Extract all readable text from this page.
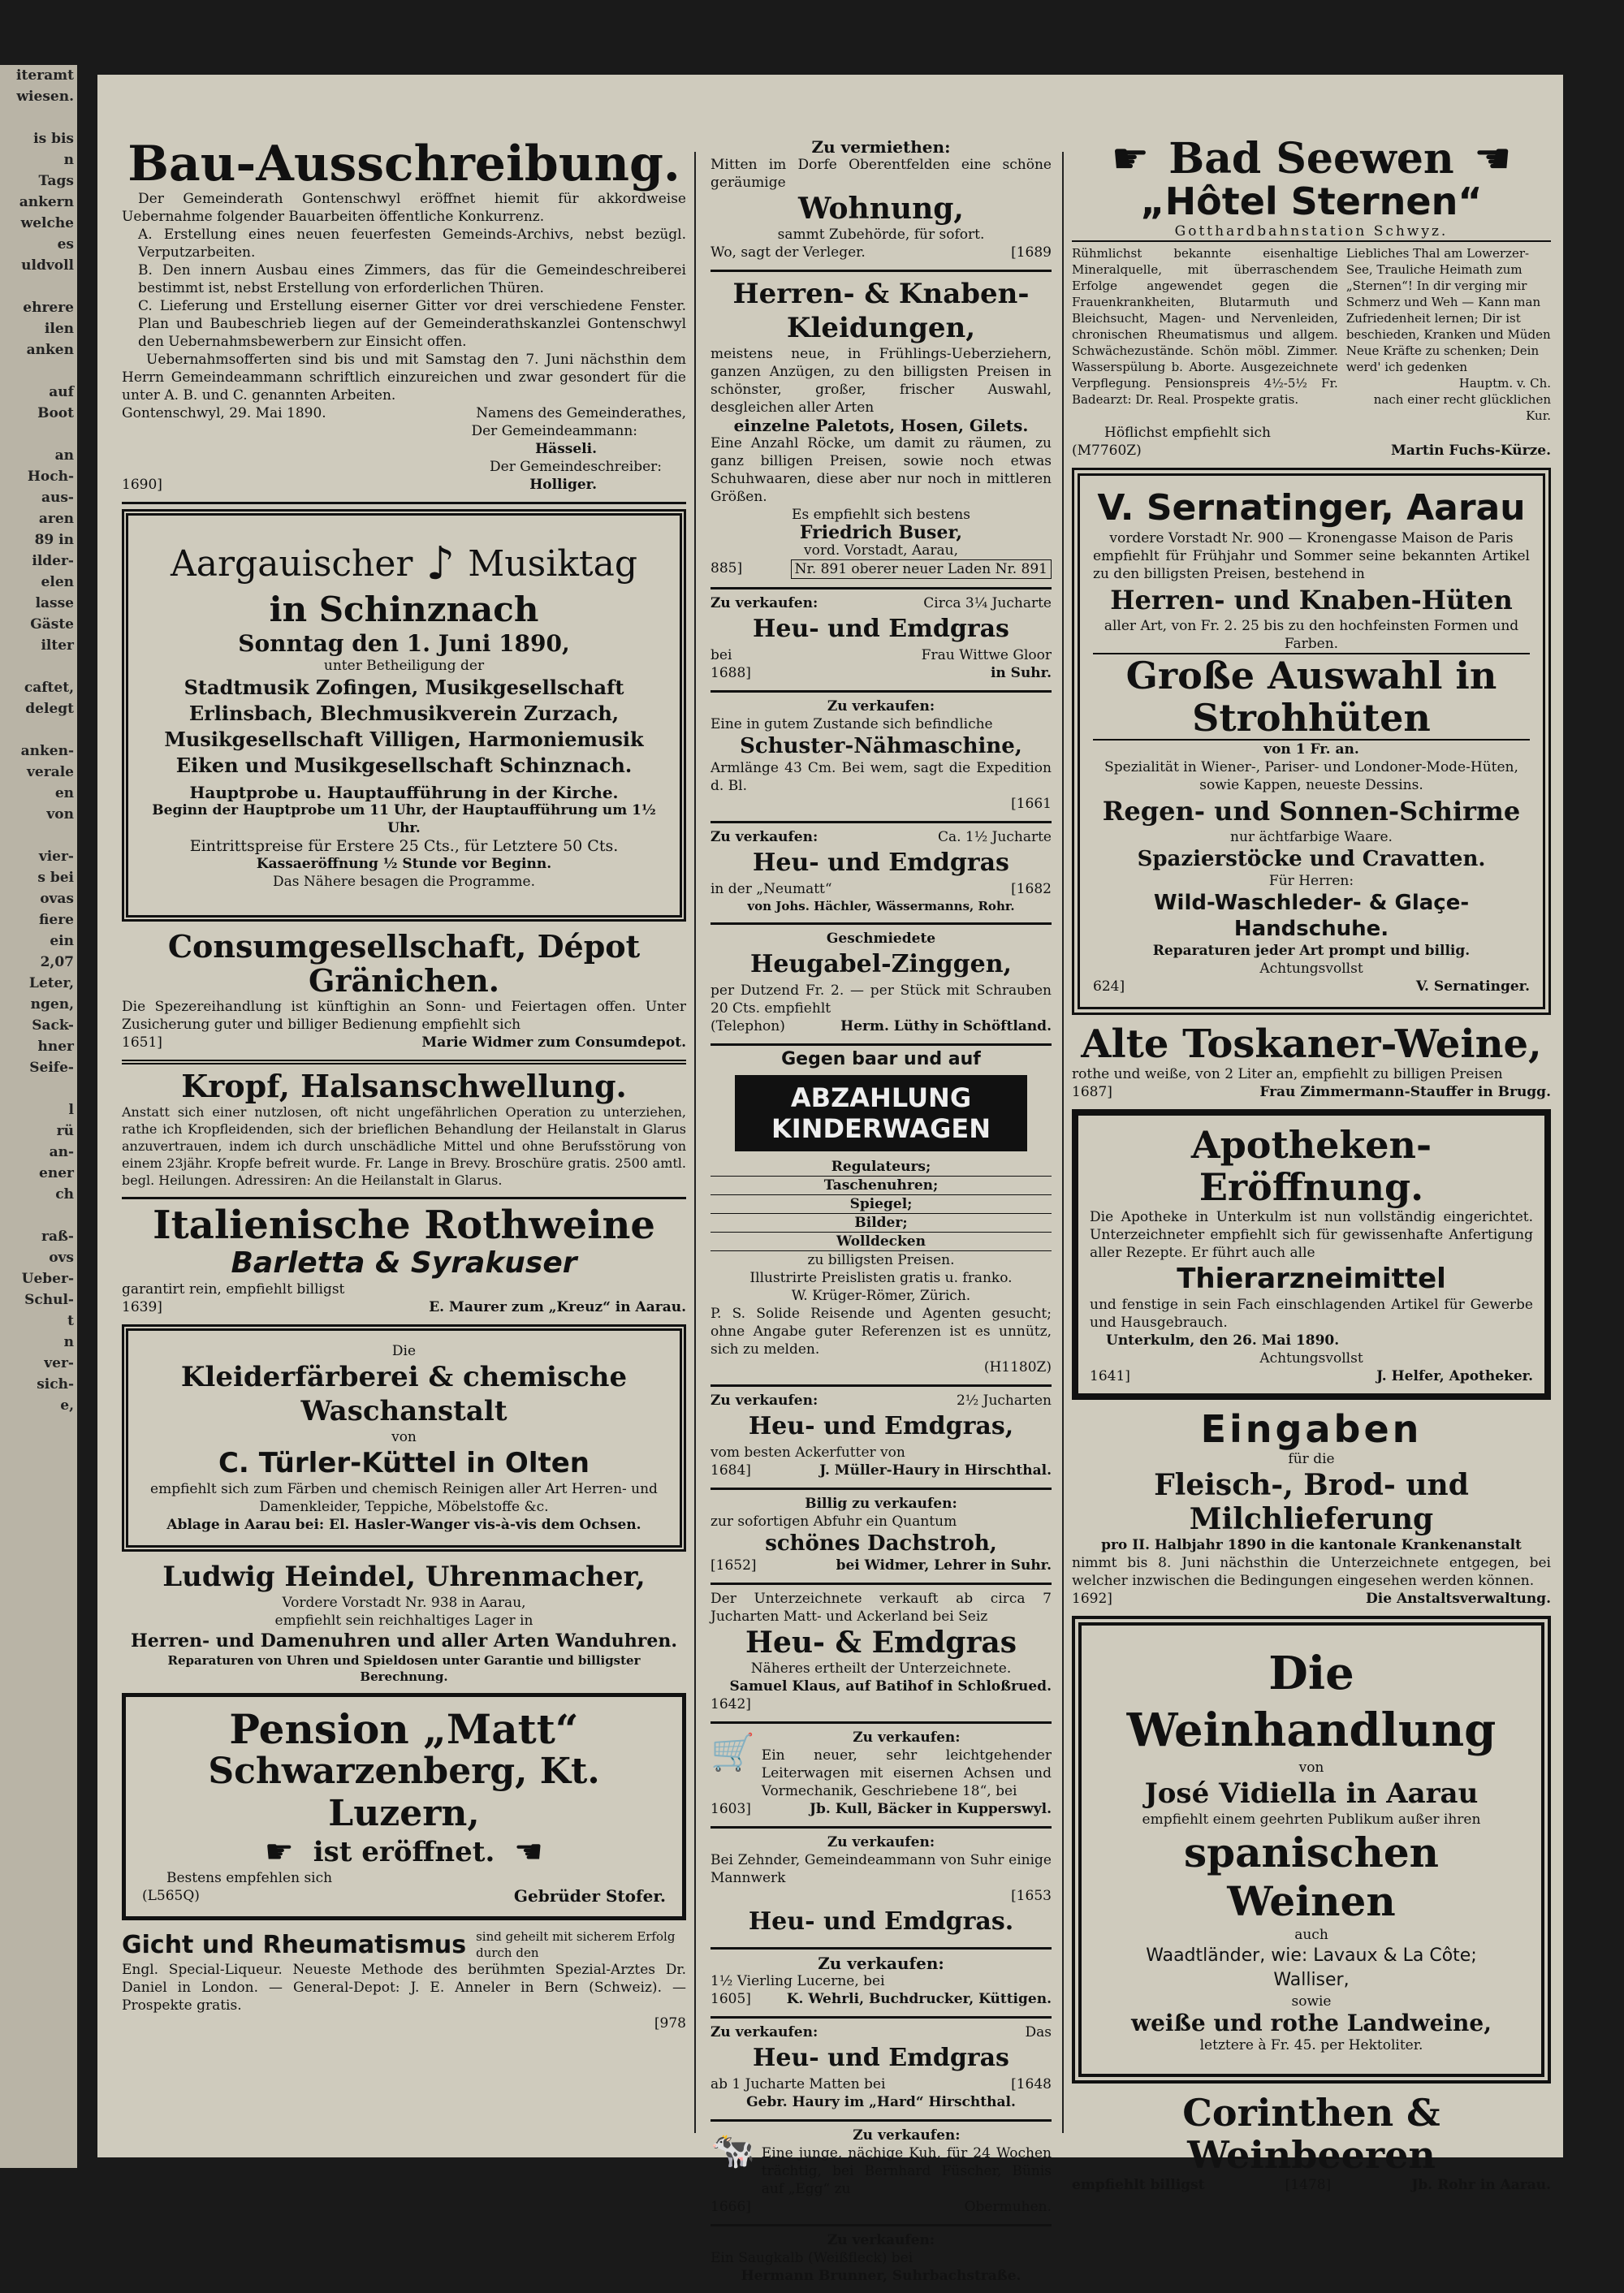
iteramt
wiesen.

is bis
n
Tags
ankern
welche
es
uldvoll

ehrere
ilen
anken

auf
Boot

an
Hoch-
aus-
aren
89 in
ilder-
elen
lasse
Gäste
ilter

caftet,
delegt

anken-
verale
en
von

vier-
s bei
ovas
fiere
ein
2,07
Leter,
ngen,
Sack-
hner
Seife-

l
rü
an-
ener
ch

raß-
ovs
Ueber-
Schul-
t
n
ver-
sich-
e,
Bau-Ausschreibung.
Der Gemeinderath Gontenschwyl eröffnet hiemit für akkordweise Uebernahme folgender Bauarbeiten öffentliche Konkurrenz.
A. Erstellung eines neuen feuerfesten Gemeinds-Archivs, nebst bezügl. Verputzarbeiten.
B. Den innern Ausbau eines Zimmers, das für die Gemeindeschreiberei bestimmt ist, nebst Erstellung von erforderlichen Thüren.
C. Lieferung und Erstellung eiserner Gitter vor drei verschiedene Fenster. Plan und Baubeschrieb liegen auf der Gemeinderathskanzlei Gontenschwyl den Uebernahmsbewerbern zur Einsicht offen.
Uebernahmsofferten sind bis und mit Samstag den 7. Juni nächsthin dem Herrn Gemeindeammann schriftlich einzureichen und zwar gesondert für die unter A. B. und C. genannten Arbeiten.
Gontenschwyl, 29. Mai 1890.	Namens des Gemeinderathes,
Der Gemeindeammann:
Hässeli.
Der Gemeindeschreiber:
1690]	Holliger.
Aargauischer ♪ Musiktag
in Schinznach
Sonntag den 1. Juni 1890,
unter Betheiligung der
Stadtmusik Zofingen, Musikgesellschaft Erlinsbach, Blechmusikverein Zurzach, Musikgesellschaft Villigen, Harmoniemusik Eiken und Musikgesellschaft Schinznach.
Hauptprobe u. Hauptaufführung in der Kirche.
Beginn der Hauptprobe um 11 Uhr, der Hauptaufführung um 1½ Uhr.
Eintrittspreise für Erstere 25 Cts., für Letztere 50 Cts.
Kassaeröffnung ½ Stunde vor Beginn.
Das Nähere besagen die Programme.
Consumgesellschaft, Dépot Gränichen.
Die Spezereihandlung ist künftighin an Sonn- und Feiertagen offen. Unter Zusicherung guter und billiger Bedienung empfiehlt sich
1651]	Marie Widmer zum Consumdepot.
Kropf, Halsanschwellung.
Anstatt sich einer nutzlosen, oft nicht ungefährlichen Operation zu unterziehen, rathe ich Kropfleidenden, sich der brieflichen Behandlung der Heilanstalt in Glarus anzuvertrauen, indem ich durch unschädliche Mittel und ohne Berufsstörung von einem 23jähr. Kropfe befreit wurde. Fr. Lange in Brevy. Broschüre gratis. 2500 amtl. begl. Heilungen. Adressiren: An die Heilanstalt in Glarus.
Italienische Rothweine
Barletta & Syrakuser
garantirt rein, empfiehlt billigst
1639]	E. Maurer zum „Kreuz“ in Aarau.
Die
Kleiderfärberei & chemische Waschanstalt
von
C. Türler-Küttel in Olten
empfiehlt sich zum Färben und chemisch Reinigen aller Art Herren- und Damenkleider, Teppiche, Möbelstoffe &c.
Ablage in Aarau bei: El. Hasler-Wanger vis-à-vis dem Ochsen.
Ludwig Heindel, Uhrenmacher,
Vordere Vorstadt Nr. 938 in Aarau,
empfiehlt sein reichhaltiges Lager in
Herren- und Damenuhren und aller Arten Wanduhren.
Reparaturen von Uhren und Spieldosen unter Garantie und billigster Berechnung.
Pension „Matt“
Schwarzenberg, Kt. Luzern,
☛ ist eröffnet. ☛
Bestens empfehlen sich
(L565Q)	Gebrüder Stofer.
Gicht und Rheumatismus sind geheilt mit sicherem Erfolg durch den
Engl. Special-Liqueur. Neueste Methode des berühmten Spezial-Arztes Dr. Daniel in London. — General-Depot: J. E. Anneler in Bern (Schweiz). — Prospekte gratis.
[978
Zu vermiethen:
Mitten im Dorfe Oberentfelden eine schöne geräumige
Wohnung,
sammt Zubehörde, für sofort.
Wo, sagt der Verleger.	[1689
Herren- & Knaben-Kleidungen,
meistens neue, in Frühlings-Ueberziehern, ganzen Anzügen, zu den billigsten Preisen in schönster, großer, frischer Auswahl, desgleichen aller Arten
einzelne Paletots, Hosen, Gilets.
Eine Anzahl Röcke, um damit zu räumen, zu ganz billigen Preisen, sowie noch etwas Schuhwaaren, diese aber nur noch in mittleren Größen.
Es empfiehlt sich bestens
Friedrich Buser,
vord. Vorstadt, Aarau,
885]	Nr. 891 oberer neuer Laden Nr. 891
Zu verkaufen:	Circa 3¼ Jucharte
Heu- und Emdgras
bei	Frau Wittwe Gloor
1688]	in Suhr.
Zu verkaufen:
Eine in gutem Zustande sich befindliche
Schuster-Nähmaschine,
Armlänge 43 Cm. Bei wem, sagt die Expedition d. Bl.
[1661
Zu verkaufen:	Ca. 1½ Jucharte
Heu- und Emdgras
in der „Neumatt“	[1682
von Johs. Hächler, Wässermanns, Rohr.
Geschmiedete
Heugabel-Zinggen,
per Dutzend Fr. 2. — per Stück mit Schrauben 20 Cts. empfiehlt
(Telephon)	Herm. Lüthy in Schöftland.
Gegen baar und auf
ABZAHLUNG
KINDERWAGEN
Regulateurs;
Taschenuhren;
Spiegel;
Bilder;
Wolldecken
zu billigsten Preisen.
Illustrirte Preislisten gratis u. franko.
W. Krüger-Römer, Zürich.
P. S. Solide Reisende und Agenten gesucht; ohne Angabe guter Referenzen ist es unnütz, sich zu melden.
(H1180Z)
Zu verkaufen:	2½ Jucharten
Heu- und Emdgras,
vom besten Ackerfutter von
1684]	J. Müller-Haury in Hirschthal.
Billig zu verkaufen:
zur sofortigen Abfuhr ein Quantum
schönes Dachstroh,
[1652]	bei Widmer, Lehrer in Suhr.
Der Unterzeichnete verkauft ab circa 7 Jucharten Matt- und Ackerland bei Seiz
Heu- & Emdgras
Näheres ertheilt der Unterzeichnete.
Samuel Klaus, auf Batihof in Schloßrued.
1642]
🛒	Zu verkaufen:
Ein neuer, sehr leichtgehender Leiterwagen mit eisernen Achsen und Vormechanik, Geschriebene 18“, bei
1603]	Jb. Kull, Bäcker in Kupperswyl.
Zu verkaufen:
Bei Zehnder, Gemeindeammann von Suhr einige Mannwerk
[1653
Heu- und Emdgras.
Zu verkaufen:
1½ Vierling Lucerne, bei
1605]	K. Wehrli, Buchdrucker, Küttigen.
Zu verkaufen:	Das
Heu- und Emdgras
ab 1 Jucharte Matten bei	[1648
Gebr. Haury im „Hard“ Hirschthal.
🐄	Zu verkaufen:
Eine junge, nächige Kuh, für 24 Wochen trächtig, bei Bernhard Füscher, Bünis auf „Egg“ zu
1666]	Obermuhen.
Zu verkaufen:
Ein Saugkalb (Weißfleck) bei
Hermann Brunner, Suhrbachstraße.
☛ Bad Seewen ☛
„Hôtel Sternen“
Gotthardbahnstation Schwyz.
Rühmlichst bekannte eisenhaltige Mineralquelle, mit überraschendem Erfolge angewendet gegen die Frauenkrankheiten, Blutarmuth und Bleichsucht, Magen- und Nervenleiden, chronischen Rheumatismus und allgem. Schwächezustände. Schön möbl. Zimmer. Wasserspülung b. Aborte. Ausgezeichnete Verpflegung. Pensionspreis 4½-5½ Fr. Badearzt: Dr. Real. Prospekte gratis.
Liebliches Thal am Lowerzer-See, Trauliche Heimath zum „Sternen“! In dir verging mir Schmerz und Weh — Kann man Zufriedenheit lernen; Dir ist beschieden, Kranken und Müden Neue Kräfte zu schenken; Dein werd' ich gedenken
Hauptm. v. Ch.
nach einer recht glücklichen Kur.
Höflichst empfiehlt sich
(M7760Z)	Martin Fuchs-Kürze.
V. Sernatinger, Aarau
vordere Vorstadt Nr. 900 — Kronengasse Maison de Paris
empfiehlt für Frühjahr und Sommer seine bekannten Artikel zu den billigsten Preisen, bestehend in
Herren- und Knaben-Hüten
aller Art, von Fr. 2. 25 bis zu den hochfeinsten Formen und Farben.
Große Auswahl in Strohhüten
von 1 Fr. an.
Spezialität in Wiener-, Pariser- und Londoner-Mode-Hüten, sowie Kappen, neueste Dessins.
Regen- und Sonnen-Schirme
nur ächtfarbige Waare.
Spazierstöcke und Cravatten.
Für Herren:
Wild-Waschleder- & Glaçe-Handschuhe.
Reparaturen jeder Art prompt und billig.
Achtungsvollst
624]	V. Sernatinger.
Alte Toskaner-Weine,
rothe und weiße, von 2 Liter an, empfiehlt zu billigen Preisen
1687]	Frau Zimmermann-Stauffer in Brugg.
Apotheken-Eröffnung.
Die Apotheke in Unterkulm ist nun vollständig eingerichtet. Unterzeichneter empfiehlt sich für gewissenhafte Anfertigung aller Rezepte. Er führt auch alle
Thierarzneimittel
und fenstige in sein Fach einschlagenden Artikel für Gewerbe und Hausgebrauch.
Unterkulm, den 26. Mai 1890.
Achtungsvollst
1641]	J. Helfer, Apotheker.
Eingaben
für die
Fleisch-, Brod- und Milchlieferung
pro II. Halbjahr 1890 in die kantonale Krankenanstalt
nimmt bis 8. Juni nächsthin die Unterzeichnete entgegen, bei welcher inzwischen die Bedingungen eingesehen werden können.
1692]	Die Anstaltsverwaltung.
Die Weinhandlung
von
José Vidiella in Aarau
empfiehlt einem geehrten Publikum außer ihren
spanischen Weinen
auch
Waadtländer, wie: Lavaux & La Côte; Walliser,
sowie
weiße und rothe Landweine,
letztere à Fr. 45. per Hektoliter.
Corinthen & Weinbeeren
empfiehlt billigst	[1478]	Jb. Rohr in Aarau.
